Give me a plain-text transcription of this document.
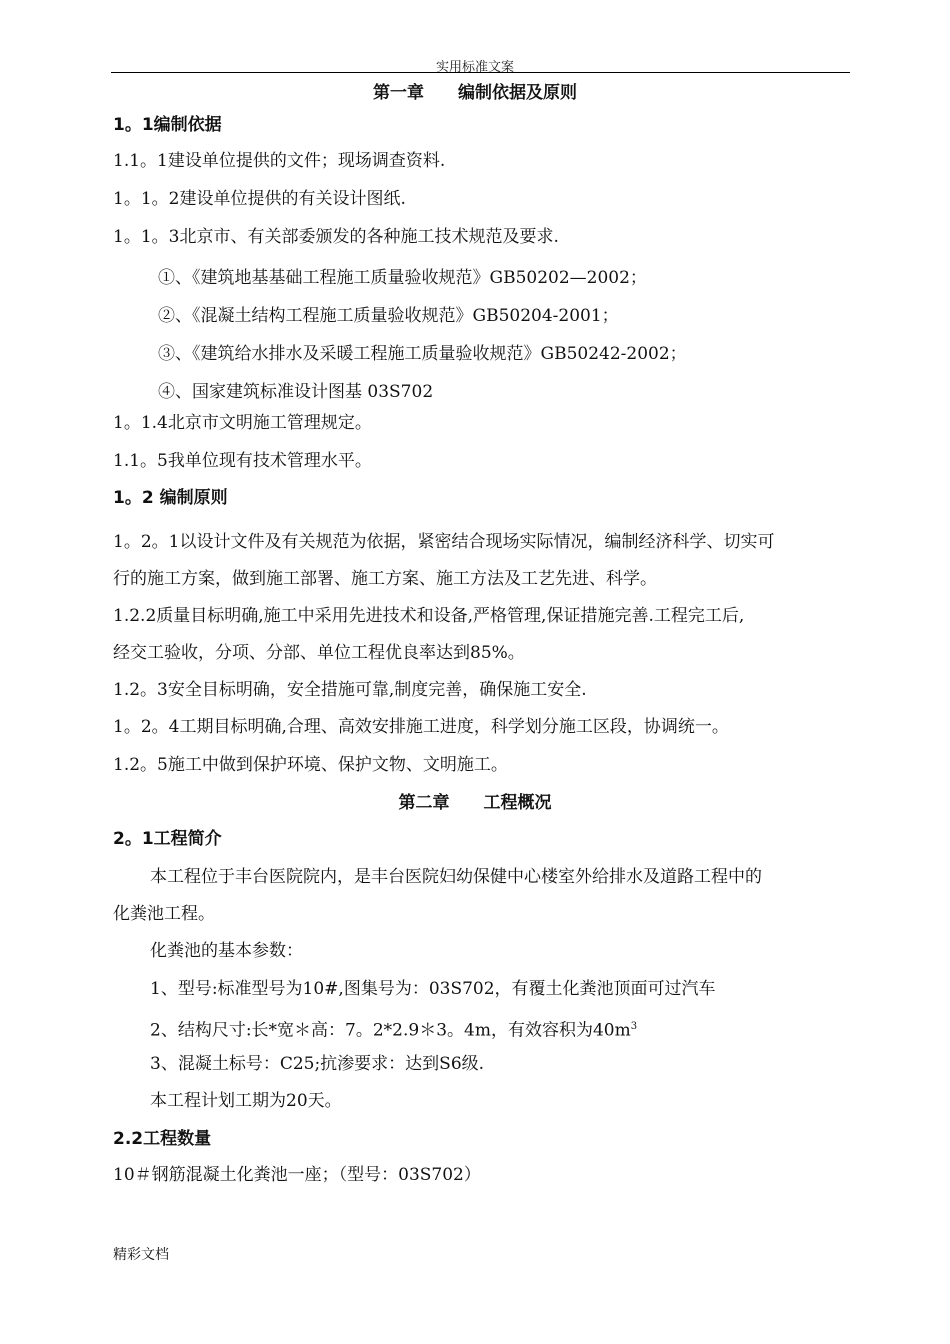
实用标准文案
第一章　　编制依据及原则
1。1编制依据
1.1。1建设单位提供的文件；现场调查资料.
1。1。2建设单位提供的有关设计图纸.
1。1。3北京市、有关部委颁发的各种施工技术规范及要求.
①、《建筑地基基础工程施工质量验收规范》GB50202—2002；
②、《混凝土结构工程施工质量验收规范》GB50204-2001；
③、《建筑给水排水及采暖工程施工质量验收规范》GB50242-2002；
④、国家建筑标准设计图基 03S702
1。1.4北京市文明施工管理规定。
1.1。5我单位现有技术管理水平。
1。2 编制原则
1。2。1以设计文件及有关规范为依据，紧密结合现场实际情况，编制经济科学、切实可
行的施工方案，做到施工部署、施工方案、施工方法及工艺先进、科学。
1.2.2质量目标明确,施工中采用先进技术和设备,严格管理,保证措施完善.工程完工后,
经交工验收，分项、分部、单位工程优良率达到85%。
1.2。3安全目标明确，安全措施可靠,制度完善，确保施工安全.
1。2。4工期目标明确,合理、高效安排施工进度，科学划分施工区段，协调统一。
1.2。5施工中做到保护环境、保护文物、文明施工。
第二章　　工程概况
2。1工程简介
本工程位于丰台医院院内，是丰台医院妇幼保健中心楼室外给排水及道路工程中的
化粪池工程。
化粪池的基本参数：
1、型号:标准型号为10#,图集号为：03S702，有覆土化粪池顶面可过汽车
2、结构尺寸:长*宽＊高：7。2*2.9＊3。4m，有效容积为$40m^3$
3、混凝土标号：C25;抗渗要求：达到S6级.
本工程计划工期为20天。
2.2工程数量
10＃钢筋混凝土化粪池一座；（型号：03S702）
精彩文档
